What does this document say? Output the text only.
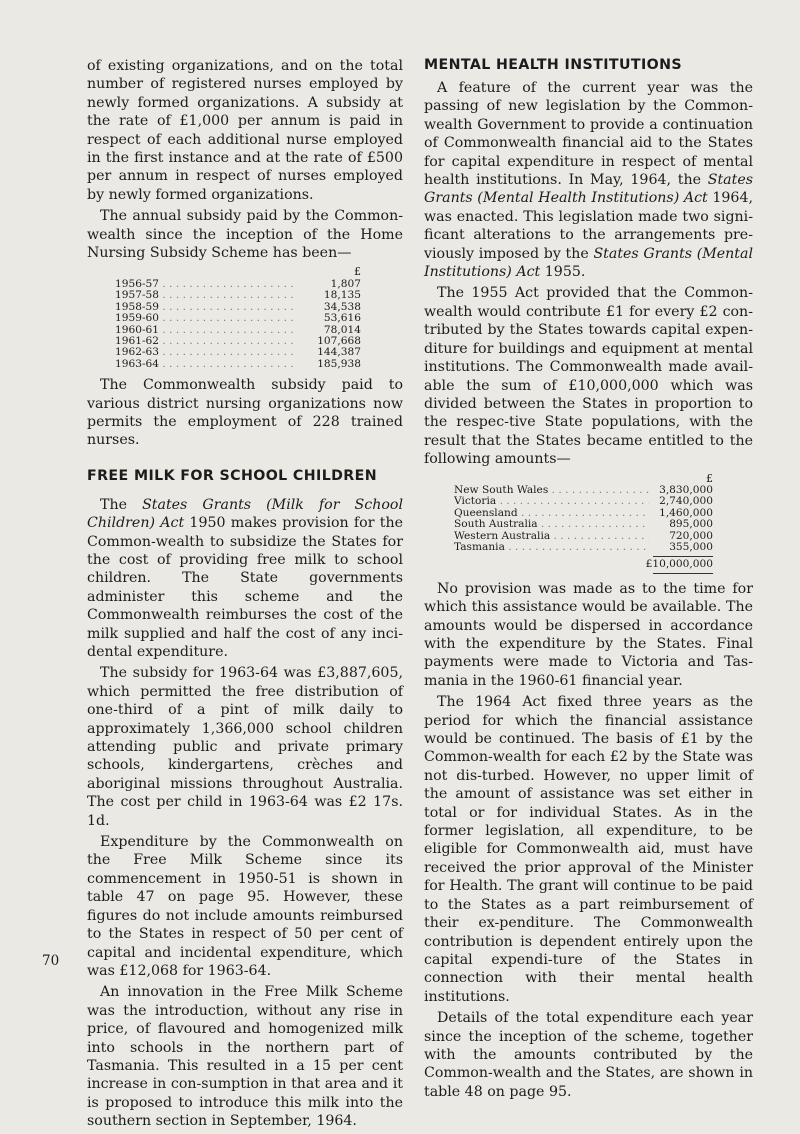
of existing organizations, and on the total number of registered nurses employed by newly formed organizations. A subsidy at the rate of £1,000 per annum is paid in respect of each additional nurse employed in the first instance and at the rate of £500 per annum in respect of nurses employed by newly formed organizations.

The annual subsidy paid by the Common-wealth since the inception of the Home Nursing Subsidy Scheme has been—

£
1956-57 . . .	1,807
1957-58 . . .	18,135
1958-59 . . .	34,538
1959-60 . . .	53,616
1960-61 . . .	78,014
1961-62 . . .	107,668
1962-63 . . .	144,387
1963-64 . . .	185,938

The Commonwealth subsidy paid to various district nursing organizations now permits the employment of 228 trained nurses.

FREE MILK FOR SCHOOL CHILDREN

The States Grants (Milk for School Children) Act 1950 makes provision for the Common-wealth to subsidize the States for the cost of providing free milk to school children. The State governments administer this scheme and the Commonwealth reimburses the cost of the milk supplied and half the cost of any inci-dental expenditure.

The subsidy for 1963-64 was £3,887,605, which permitted the free distribution of one-third of a pint of milk daily to approximately 1,366,000 school children attending public and private primary schools, kindergartens, crèches and aboriginal missions throughout Australia. The cost per child in 1963-64 was £2 17s. 1d.

Expenditure by the Commonwealth on the Free Milk Scheme since its commencement in 1950-51 is shown in table 47 on page 95. However, these figures do not include amounts reimbursed to the States in respect of 50 per cent of capital and incidental expenditure, which was £12,068 for 1963-64.

An innovation in the Free Milk Scheme was the introduction, without any rise in price, of flavoured and homogenized milk into schools in the northern part of Tasmania. This resulted in a 15 per cent increase in con-sumption in that area and it is proposed to introduce this milk into the southern section in September, 1964.

MENTAL HEALTH INSTITUTIONS

A feature of the current year was the passing of new legislation by the Common-wealth Government to provide a continuation of Commonwealth financial aid to the States for capital expenditure in respect of mental health institutions. In May, 1964, the States Grants (Mental Health Institutions) Act 1964, was enacted. This legislation made two signi-ficant alterations to the arrangements pre-viously imposed by the States Grants (Mental Institutions) Act 1955.

The 1955 Act provided that the Common-wealth would contribute £1 for every £2 con-tributed by the States towards capital expen-diture for buildings and equipment at mental institutions. The Commonwealth made avail-able the sum of £10,000,000 which was divided between the States in proportion to the respec-tive State populations, with the result that the States became entitled to the following amounts—

£
New South Wales . . .	3,830,000
Victoria . . .	2,740,000
Queensland . . .	1,460,000
South Australia . . .	895,000
Western Australia . . .	720,000
Tasmania . . .	355,000
£10,000,000

No provision was made as to the time for which this assistance would be available. The amounts would be dispersed in accordance with the expenditure by the States. Final payments were made to Victoria and Tas-mania in the 1960-61 financial year.

The 1964 Act fixed three years as the period for which the financial assistance would be continued. The basis of £1 by the Common-wealth for each £2 by the State was not dis-turbed. However, no upper limit of the amount of assistance was set either in total or for individual States. As in the former legislation, all expenditure, to be eligible for Commonwealth aid, must have received the prior approval of the Minister for Health. The grant will continue to be paid to the States as a part reimbursement of their ex-penditure. The Commonwealth contribution is dependent entirely upon the capital expendi-ture of the States in connection with their mental health institutions.

Details of the total expenditure each year since the inception of the scheme, together with the amounts contributed by the Common-wealth and the States, are shown in table 48 on page 95.

70
